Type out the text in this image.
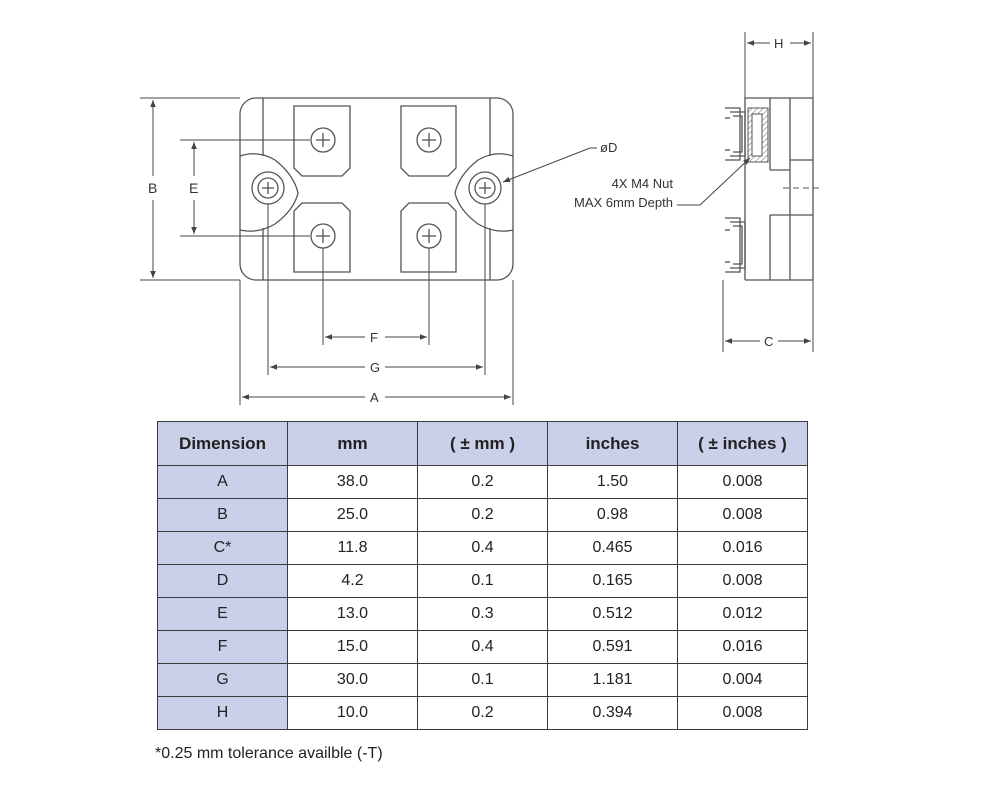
B E
F
G
A
øD
4X M4 Nut
MAX 6mm Depth
H
C
Dimension	mm	( ± mm )	inches	( ± inches )
A	38.0	0.2	1.50	0.008
B	25.0	0.2	0.98	0.008
C*	11.8	0.4	0.465	0.016
D	4.2	0.1	0.165	0.008
E	13.0	0.3	0.512	0.012
F	15.0	0.4	0.591	0.016
G	30.0	0.1	1.181	0.004
H	10.0	0.2	0.394	0.008
*0.25 mm tolerance availble (-T)
